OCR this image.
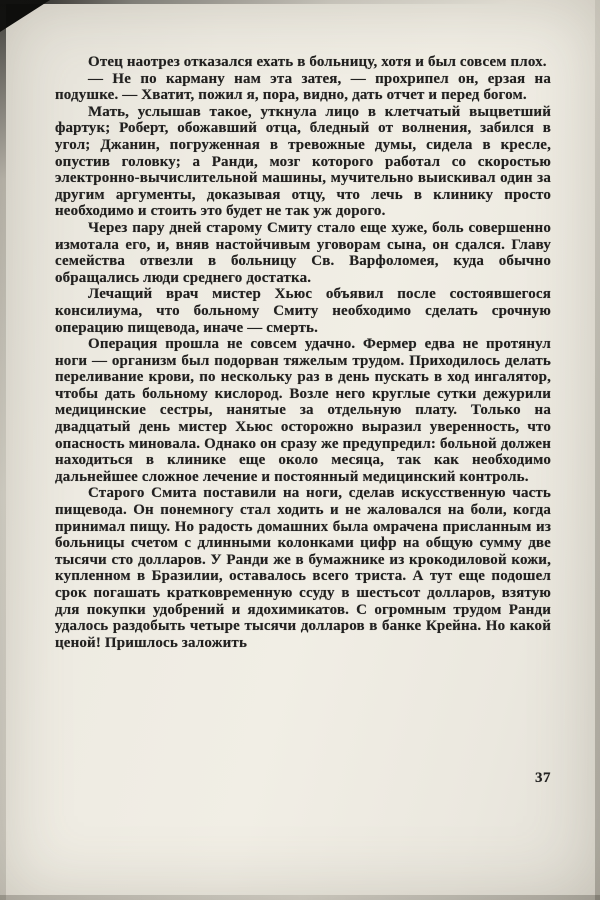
Отец наотрез отказался ехать в больницу, хотя и был совсем плох.

— Не по карману нам эта затея, — прохрипел он, ерзая на подушке. — Хватит, пожил я, пора, видно, дать отчет и перед богом.

Мать, услышав такое, уткнула лицо в клетчатый выцветший фартук; Роберт, обожавший отца, бледный от волнения, забился в угол; Джанин, погруженная в тревожные думы, сидела в кресле, опустив головку; а Ранди, мозг которого работал со скоростью электронно-вычислительной машины, мучительно выискивал один за другим аргументы, доказывая отцу, что лечь в клинику просто необходимо и стоить это будет не так уж дорого.

Через пару дней старому Смиту стало еще хуже, боль совершенно измотала его, и, вняв настойчивым уговорам сына, он сдался. Главу семейства отвезли в больницу Св. Варфоломея, куда обычно обращались люди среднего достатка.

Лечащий врач мистер Хьюс объявил после состоявшегося консилиума, что больному Смиту необходимо сделать срочную операцию пищевода, иначе — смерть.

Операция прошла не совсем удачно. Фермер едва не протянул ноги — организм был подорван тяжелым трудом. Приходилось делать переливание крови, по нескольку раз в день пускать в ход ингалятор, чтобы дать больному кислород. Возле него круглые сутки дежурили медицинские сестры, нанятые за отдельную плату. Только на двадцатый день мистер Хьюс осторожно выразил уверенность, что опасность миновала. Однако он сразу же предупредил: больной должен находиться в клинике еще около месяца, так как необходимо дальнейшее сложное лечение и постоянный медицинский контроль.

Старого Смита поставили на ноги, сделав искусственную часть пищевода. Он понемногу стал ходить и не жаловался на боли, когда принимал пищу. Но радость домашних была омрачена присланным из больницы счетом с длинными колонками цифр на общую сумму две тысячи сто долларов. У Ранди же в бумажнике из крокодиловой кожи, купленном в Бразилии, оставалось всего триста. А тут еще подошел срок погашать кратковременную ссуду в шестьсот долларов, взятую для покупки удобрений и ядохимикатов. С огромным трудом Ранди удалось раздобыть четыре тысячи долларов в банке Крейна. Но какой ценой! Пришлось заложить

37
